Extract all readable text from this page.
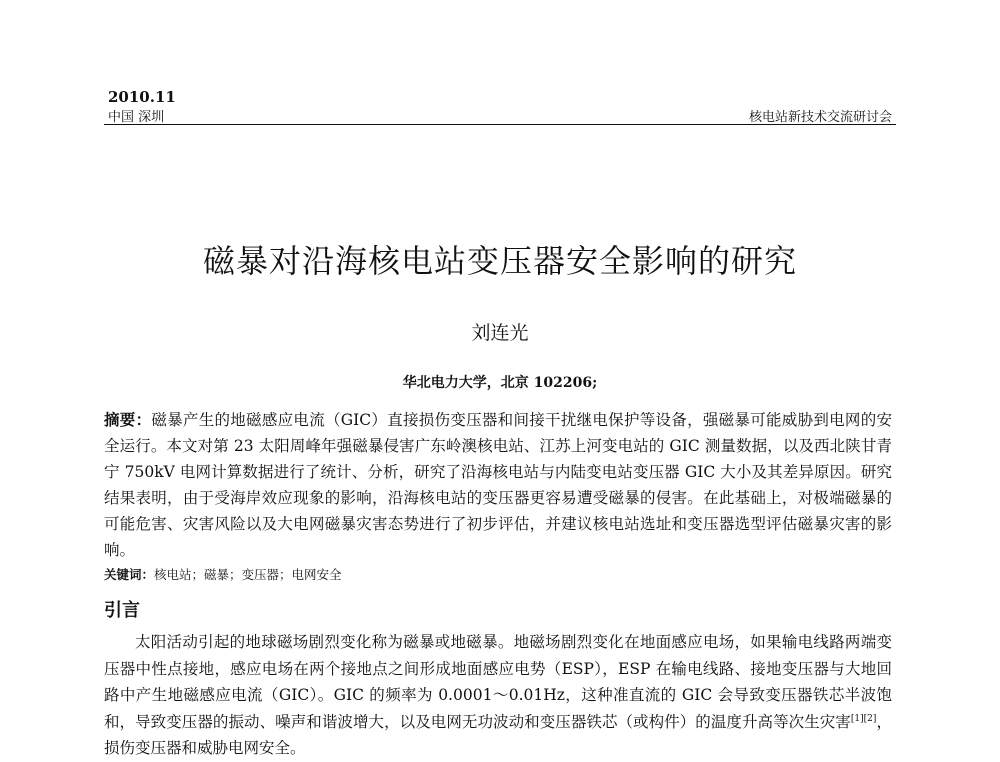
2010.11
中国 深圳	核电站新技术交流研讨会
磁暴对沿海核电站变压器安全影响的研究
刘连光
华北电力大学，北京 102206;
摘要：磁暴产生的地磁感应电流（GIC）直接损伤变压器和间接干扰继电保护等设备，强磁暴可能威胁到电网的安全运行。本文对第 23 太阳周峰年强磁暴侵害广东岭澳核电站、江苏上河变电站的 GIC 测量数据，以及西北陕甘青宁 750kV 电网计算数据进行了统计、分析，研究了沿海核电站与内陆变电站变压器 GIC 大小及其差异原因。研究结果表明，由于受海岸效应现象的影响，沿海核电站的变压器更容易遭受磁暴的侵害。在此基础上，对极端磁暴的可能危害、灾害风险以及大电网磁暴灾害态势进行了初步评估，并建议核电站选址和变压器选型评估磁暴灾害的影响。
关键词：核电站；磁暴；变压器；电网安全
引言
太阳活动引起的地球磁场剧烈变化称为磁暴或地磁暴。地磁场剧烈变化在地面感应电场，如果输电线路两端变压器中性点接地，感应电场在两个接地点之间形成地面感应电势（ESP），ESP 在输电线路、接地变压器与大地回路中产生地磁感应电流（GIC）。GIC 的频率为 0.0001～0.01Hz，这种准直流的 GIC 会导致变压器铁芯半波饱和，导致变压器的振动、噪声和谐波增大，以及电网无功波动和变压器铁芯（或构件）的温度升高等次生灾害[1][2]，损伤变压器和威胁电网安全。
